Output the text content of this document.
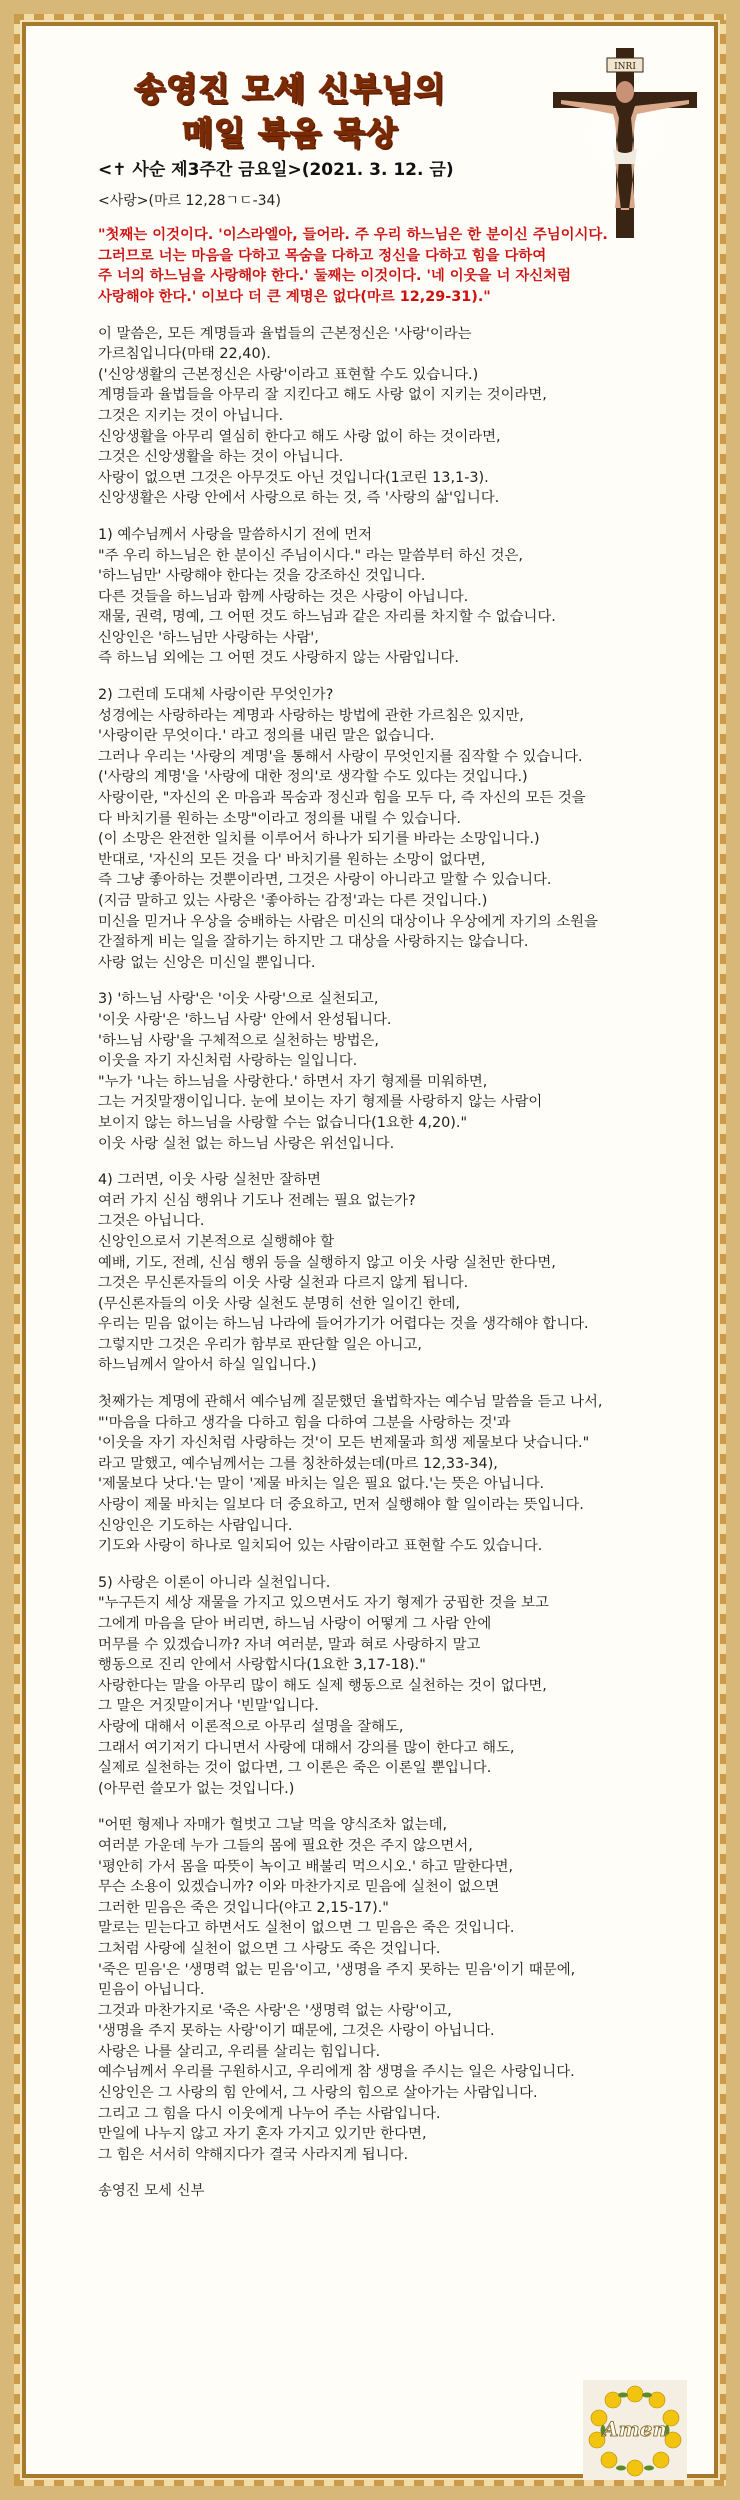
송영진 모세 신부님의
매일 복음 묵상
INRI

<✝ 사순 제3주간 금요일>(2021. 3. 12. 금)

<사랑>(마르 12,28ㄱㄷ-34)

"첫째는 이것이다. '이스라엘아, 들어라. 주 우리 하느님은 한 분이신 주님이시다.
그러므로 너는 마음을 다하고 목숨을 다하고 정신을 다하고 힘을 다하여
주 너의 하느님을 사랑해야 한다.' 둘째는 이것이다. '네 이웃을 너 자신처럼
사랑해야 한다.' 이보다 더 큰 계명은 없다(마르 12,29-31)."

이 말씀은, 모든 계명들과 율법들의 근본정신은 '사랑'이라는
가르침입니다(마태 22,40).
('신앙생활의 근본정신은 사랑'이라고 표현할 수도 있습니다.)
계명들과 율법들을 아무리 잘 지킨다고 해도 사랑 없이 지키는 것이라면,
그것은 지키는 것이 아닙니다.
신앙생활을 아무리 열심히 한다고 해도 사랑 없이 하는 것이라면,
그것은 신앙생활을 하는 것이 아닙니다.
사랑이 없으면 그것은 아무것도 아닌 것입니다(1코린 13,1-3).
신앙생활은 사랑 안에서 사랑으로 하는 것, 즉 '사랑의 삶'입니다.

1) 예수님께서 사랑을 말씀하시기 전에 먼저
"주 우리 하느님은 한 분이신 주님이시다." 라는 말씀부터 하신 것은,
'하느님만' 사랑해야 한다는 것을 강조하신 것입니다.
다른 것들을 하느님과 함께 사랑하는 것은 사랑이 아닙니다.
재물, 권력, 명예, 그 어떤 것도 하느님과 같은 자리를 차지할 수 없습니다.
신앙인은 '하느님만 사랑하는 사람',
즉 하느님 외에는 그 어떤 것도 사랑하지 않는 사람입니다.

2) 그런데 도대체 사랑이란 무엇인가?
성경에는 사랑하라는 계명과 사랑하는 방법에 관한 가르침은 있지만,
'사랑이란 무엇이다.' 라고 정의를 내린 말은 없습니다.
그러나 우리는 '사랑의 계명'을 통해서 사랑이 무엇인지를 짐작할 수 있습니다.
('사랑의 계명'을 '사랑에 대한 정의'로 생각할 수도 있다는 것입니다.)
사랑이란, "자신의 온 마음과 목숨과 정신과 힘을 모두 다, 즉 자신의 모든 것을
다 바치기를 원하는 소망"이라고 정의를 내릴 수 있습니다.
(이 소망은 완전한 일치를 이루어서 하나가 되기를 바라는 소망입니다.)
반대로, '자신의 모든 것을 다' 바치기를 원하는 소망이 없다면,
즉 그냥 좋아하는 것뿐이라면, 그것은 사랑이 아니라고 말할 수 있습니다.
(지금 말하고 있는 사랑은 '좋아하는 감정'과는 다른 것입니다.)
미신을 믿거나 우상을 숭배하는 사람은 미신의 대상이나 우상에게 자기의 소원을
간절하게 비는 일을 잘하기는 하지만 그 대상을 사랑하지는 않습니다.
사랑 없는 신앙은 미신일 뿐입니다.

3) '하느님 사랑'은 '이웃 사랑'으로 실천되고,
'이웃 사랑'은 '하느님 사랑' 안에서 완성됩니다.
'하느님 사랑'을 구체적으로 실천하는 방법은,
이웃을 자기 자신처럼 사랑하는 일입니다.
"누가 '나는 하느님을 사랑한다.' 하면서 자기 형제를 미워하면,
그는 거짓말쟁이입니다. 눈에 보이는 자기 형제를 사랑하지 않는 사람이
보이지 않는 하느님을 사랑할 수는 없습니다(1요한 4,20)."
이웃 사랑 실천 없는 하느님 사랑은 위선입니다.

4) 그러면, 이웃 사랑 실천만 잘하면
여러 가지 신심 행위나 기도나 전례는 필요 없는가?
그것은 아닙니다.
신앙인으로서 기본적으로 실행해야 할
예배, 기도, 전례, 신심 행위 등을 실행하지 않고 이웃 사랑 실천만 한다면,
그것은 무신론자들의 이웃 사랑 실천과 다르지 않게 됩니다.
(무신론자들의 이웃 사랑 실천도 분명히 선한 일이긴 한데,
우리는 믿음 없이는 하느님 나라에 들어가기가 어렵다는 것을 생각해야 합니다.
그렇지만 그것은 우리가 함부로 판단할 일은 아니고,
하느님께서 알아서 하실 일입니다.)

첫째가는 계명에 관해서 예수님께 질문했던 율법학자는 예수님 말씀을 듣고 나서,
"'마음을 다하고 생각을 다하고 힘을 다하여 그분을 사랑하는 것'과
'이웃을 자기 자신처럼 사랑하는 것'이 모든 번제물과 희생 제물보다 낫습니다."
라고 말했고, 예수님께서는 그를 칭찬하셨는데(마르 12,33-34),
'제물보다 낫다.'는 말이 '제물 바치는 일은 필요 없다.'는 뜻은 아닙니다.
사랑이 제물 바치는 일보다 더 중요하고, 먼저 실행해야 할 일이라는 뜻입니다.
신앙인은 기도하는 사람입니다.
기도와 사랑이 하나로 일치되어 있는 사람이라고 표현할 수도 있습니다.

5) 사랑은 이론이 아니라 실천입니다.
"누구든지 세상 재물을 가지고 있으면서도 자기 형제가 궁핍한 것을 보고
그에게 마음을 닫아 버리면, 하느님 사랑이 어떻게 그 사람 안에
머무를 수 있겠습니까? 자녀 여러분, 말과 혀로 사랑하지 말고
행동으로 진리 안에서 사랑합시다(1요한 3,17-18)."
사랑한다는 말을 아무리 많이 해도 실제 행동으로 실천하는 것이 없다면,
그 말은 거짓말이거나 '빈말'입니다.
사랑에 대해서 이론적으로 아무리 설명을 잘해도,
그래서 여기저기 다니면서 사랑에 대해서 강의를 많이 한다고 해도,
실제로 실천하는 것이 없다면, 그 이론은 죽은 이론일 뿐입니다.
(아무런 쓸모가 없는 것입니다.)

"어떤 형제나 자매가 헐벗고 그날 먹을 양식조차 없는데,
여러분 가운데 누가 그들의 몸에 필요한 것은 주지 않으면서,
'평안히 가서 몸을 따뜻이 녹이고 배불리 먹으시오.' 하고 말한다면,
무슨 소용이 있겠습니까? 이와 마찬가지로 믿음에 실천이 없으면
그러한 믿음은 죽은 것입니다(야고 2,15-17)."
말로는 믿는다고 하면서도 실천이 없으면 그 믿음은 죽은 것입니다.
그처럼 사랑에 실천이 없으면 그 사랑도 죽은 것입니다.
'죽은 믿음'은 '생명력 없는 믿음'이고, '생명을 주지 못하는 믿음'이기 때문에,
믿음이 아닙니다.
그것과 마찬가지로 '죽은 사랑'은 '생명력 없는 사랑'이고,
'생명을 주지 못하는 사랑'이기 때문에, 그것은 사랑이 아닙니다.
사랑은 나를 살리고, 우리를 살리는 힘입니다.
예수님께서 우리를 구원하시고, 우리에게 참 생명을 주시는 일은 사랑입니다.
신앙인은 그 사랑의 힘 안에서, 그 사랑의 힘으로 살아가는 사람입니다.
그리고 그 힘을 다시 이웃에게 나누어 주는 사람입니다.
만일에 나누지 않고 자기 혼자 가지고 있기만 한다면,
그 힘은 서서히 약해지다가 결국 사라지게 됩니다.

송영진 모세 신부

Amen
